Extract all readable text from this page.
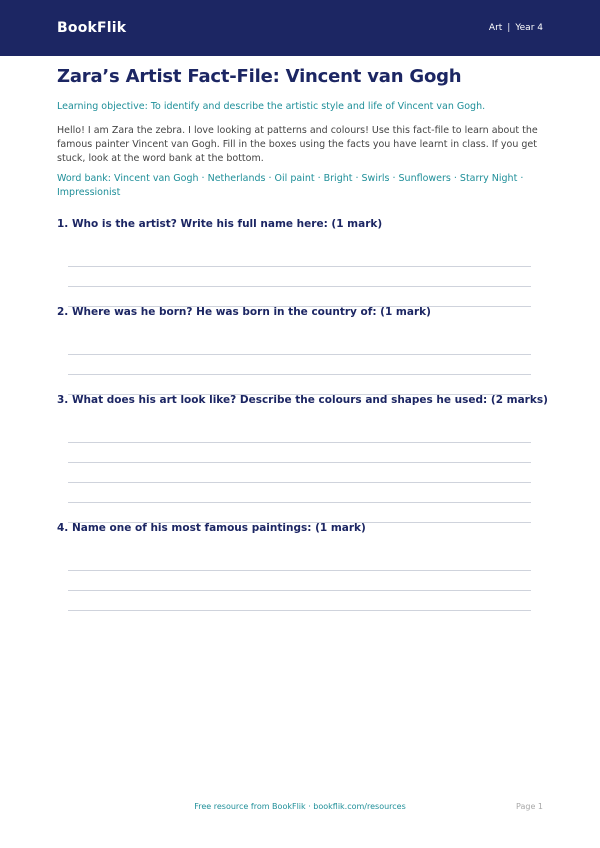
BookFlik	Art | Year 4
Zara’s Artist Fact-File: Vincent van Gogh

Learning objective: To identify and describe the artistic style and life of Vincent van Gogh.

Hello! I am Zara the zebra. I love looking at patterns and colours! Use this fact-file to learn about the famous painter Vincent van Gogh. Fill in the boxes using the facts you have learnt in class. If you get stuck, look at the word bank at the bottom.

Word bank: Vincent van Gogh · Netherlands · Oil paint · Bright · Swirls · Sunflowers · Starry Night · Impressionist

1. Who is the artist? Write his full name here: (1 mark)
2. Where was he born? He was born in the country of: (1 mark)
3. What does his art look like? Describe the colours and shapes he used: (2 marks)
4. Name one of his most famous paintings: (1 mark)
Free resource from BookFlik · bookflik.com/resources	Page 1
